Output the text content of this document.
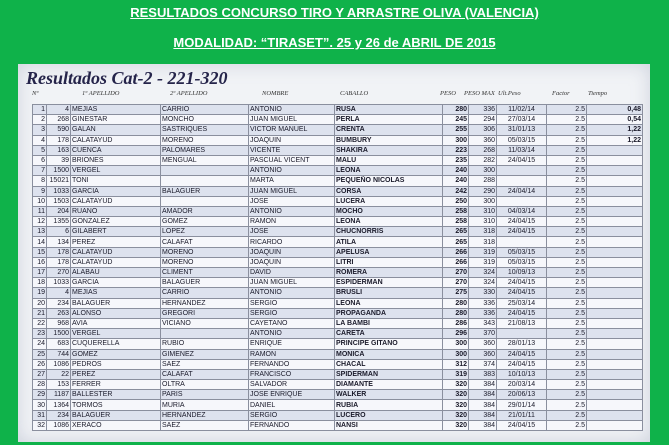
RESULTADOS CONCURSO TIRO Y ARRASTRE OLIVA (VALENCIA)
MODALIDAD: “TIRASET”. 25 y 26 de ABRIL DE 2015
Resultados Cat-2 - 221-320
Nº	1º APELLIDO	2º APELLIDO	NOMBRE	CABALLO	PESO PESO MAX Ult.Peso	Factor	Tiempo
1	4	MEJIAS	CARRIO	ANTONIO	RUSA	280	336	11/02/14	2.5	0,48
2	268	GINESTAR	MONCHO	JUAN MIGUEL	PERLA	245	294	27/03/14	2.5	0,54
3	590	GALAN	SASTRIQUES	VICTOR MANUEL	CRENTA	255	306	31/01/13	2.5	1,22
4	178	CALATAYUD	MORENO	JOAQUIN	BUMBURY	300	360	05/03/15	2.5	1,22
5	163	CUENCA	PALOMARES	VICENTE	SHAKIRA	223	268	11/03/14	2.5	
6	39	BRIONES	MENGUAL	PASCUAL VICENT	MALU	235	282	24/04/15	2.5	
7	1500	VERGEL		ANTONIO	LEONA	240	300		2.5	
8	15021	TONI		MARTA	PEQUEÑO NICOLAS	240	288		2.5	
9	1033	GARCIA	BALAGUER	JUAN MIGUEL	CORSA	242	290	24/04/14	2.5	
10	1503	CALATAYUD		JOSE	LUCERA	250	300		2.5	
11	204	RUANO	AMADOR	ANTONIO	MOCHO	258	310	04/03/14	2.5	
12	1355	GONZALEZ	GOMEZ	RAMON	LEONA	258	310	24/04/15	2.5	
13	6	GILABERT	LOPEZ	JOSE	CHUCNORRIS	265	318	24/04/15	2.5	
14	134	PEREZ	CALAFAT	RICARDO	ATILA	265	318		2.5	
15	178	CALATAYUD	MORENO	JOAQUIN	APELUSA	266	319	05/03/15	2.5	
16	178	CALATAYUD	MORENO	JOAQUIN	LITRI	266	319	05/03/15	2.5	
17	270	ALABAU	CLIMENT	DAVID	ROMERA	270	324	10/09/13	2.5	
18	1033	GARCIA	BALAGUER	JUAN MIGUEL	ESPIDERMAN	270	324	24/04/15	2.5	
19	4	MEJIAS	CARRIO	ANTONIO	BRUSLI	275	330	24/04/15	2.5	
20	234	BALAGUER	HERNANDEZ	SERGIO	LEONA	280	336	25/03/14	2.5	
21	263	ALONSO	GREGORI	SERGIO	PROPAGANDA	280	336	24/04/15	2.5	
22	968	AVIA	VICIANO	CAYETANO	LA BAMBI	286	343	21/08/13	2.5	
23	1500	VERGEL		ANTONIO	CARETA	296	370		2.5	
24	683	CUQUERELLA	RUBIO	ENRIQUE	PRINCIPE GITANO	300	360	28/01/13	2.5	
25	744	GOMEZ	GIMENEZ	RAMON	MONICA	300	360	24/04/15	2.5	
26	1086	PEDROS	SAEZ	FERNANDO	CHACAL	312	374	24/04/15	2.5	
27	22	PEREZ	CALAFAT	FRANCISCO	SPIDERMAN	319	383	10/10/13	2.5	
28	153	FERRER	OLTRA	SALVADOR	DIAMANTE	320	384	20/03/14	2.5	
29	1187	BALLESTER	PARIS	JOSE ENRIQUE	WALKER	320	384	20/06/13	2.5	
30	1364	TORMOS	MURIA	DANIEL	RUBIA	320	384	29/01/14	2.5	
31	234	BALAGUER	HERNANDEZ	SERGIO	LUCERO	320	384	21/01/11	2.5	
32	1086	XERACO	SAEZ	FERNANDO	NANSI	320	384	24/04/15	2.5	
